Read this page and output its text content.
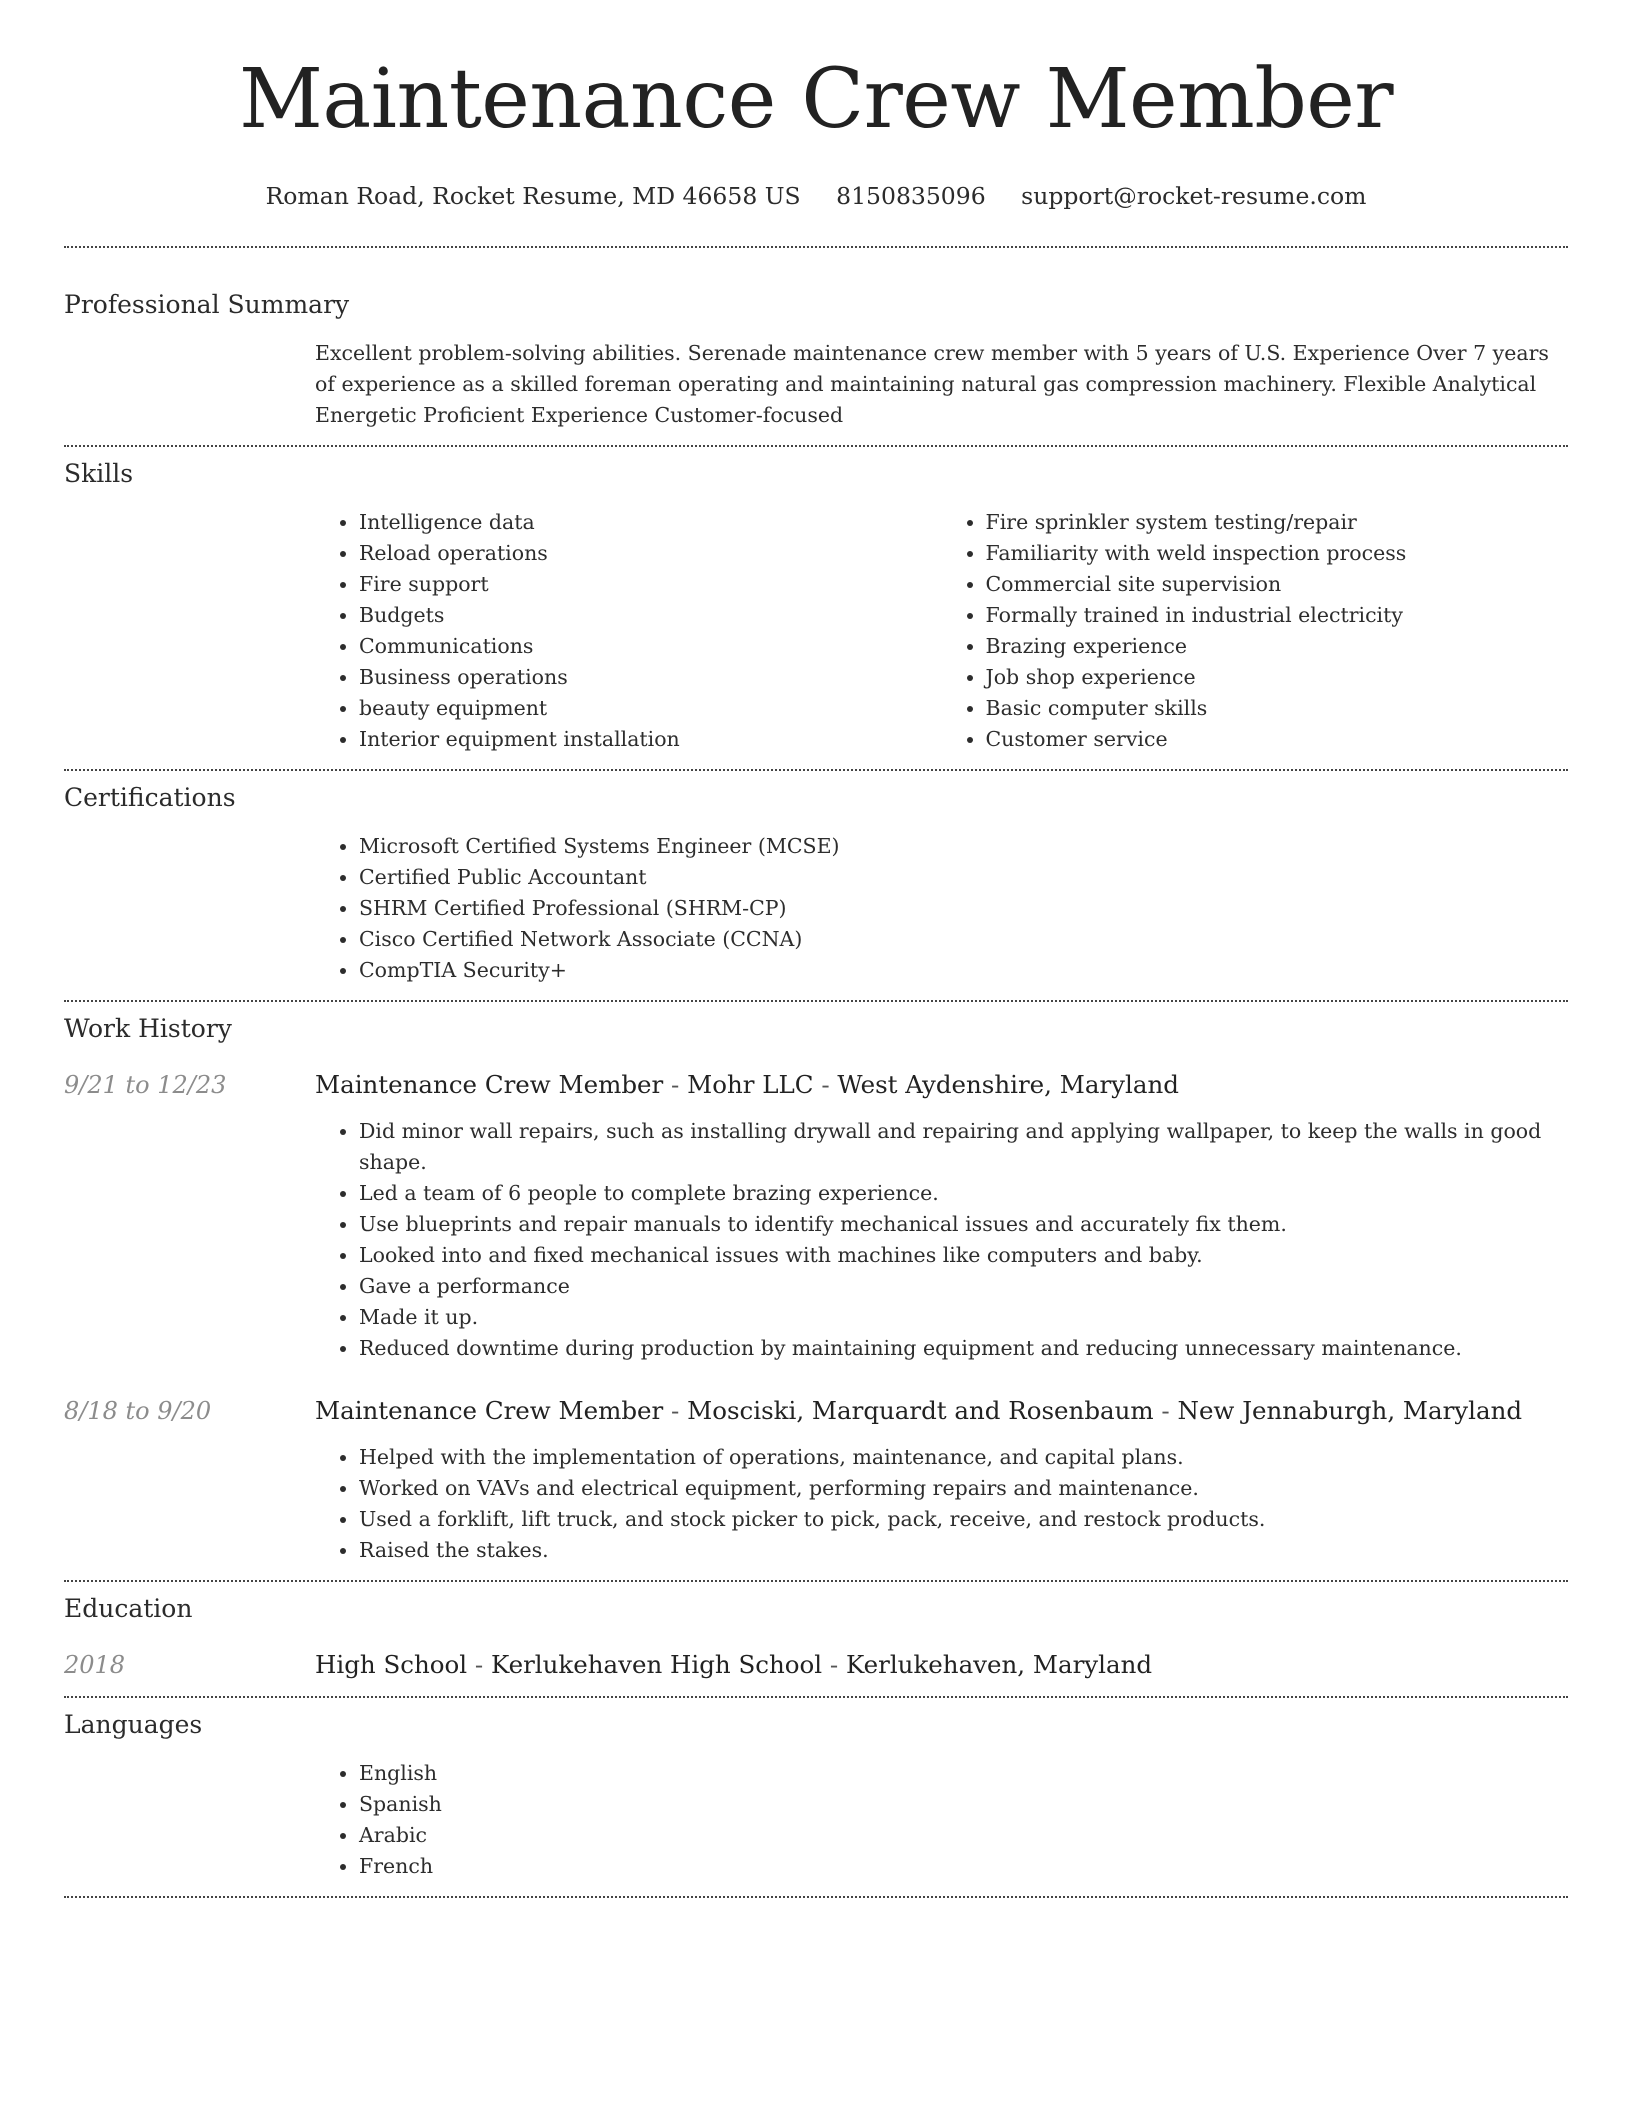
Maintenance Crew Member
Roman Road, Rocket Resume, MD 46658 US 8150835096 support@rocket-resume.com
Professional Summary
Excellent problem-solving abilities. Serenade maintenance crew member with 5 years of U.S. Experience Over 7 years of experience as a skilled foreman operating and maintaining natural gas compression machinery. Flexible Analytical Energetic Proficient Experience Customer-focused
Skills
• Intelligence data
• Reload operations
• Fire support
• Budgets
• Communications
• Business operations
• beauty equipment
• Interior equipment installation
• Fire sprinkler system testing/repair
• Familiarity with weld inspection process
• Commercial site supervision
• Formally trained in industrial electricity
• Brazing experience
• Job shop experience
• Basic computer skills
• Customer service
Certifications
• Microsoft Certified Systems Engineer (MCSE)
• Certified Public Accountant
• SHRM Certified Professional (SHRM-CP)
• Cisco Certified Network Associate (CCNA)
• CompTIA Security+
Work History
9/21 to 12/23	Maintenance Crew Member - Mohr LLC - West Aydenshire, Maryland
• Did minor wall repairs, such as installing drywall and repairing and applying wallpaper, to keep the walls in good shape.
• Led a team of 6 people to complete brazing experience.
• Use blueprints and repair manuals to identify mechanical issues and accurately fix them.
• Looked into and fixed mechanical issues with machines like computers and baby.
• Gave a performance
• Made it up.
• Reduced downtime during production by maintaining equipment and reducing unnecessary maintenance.
8/18 to 9/20	Maintenance Crew Member - Mosciski, Marquardt and Rosenbaum - New Jennaburgh, Maryland
• Helped with the implementation of operations, maintenance, and capital plans.
• Worked on VAVs and electrical equipment, performing repairs and maintenance.
• Used a forklift, lift truck, and stock picker to pick, pack, receive, and restock products.
• Raised the stakes.
Education
2018	High School - Kerlukehaven High School - Kerlukehaven, Maryland
Languages
• English
• Spanish
• Arabic
• French
